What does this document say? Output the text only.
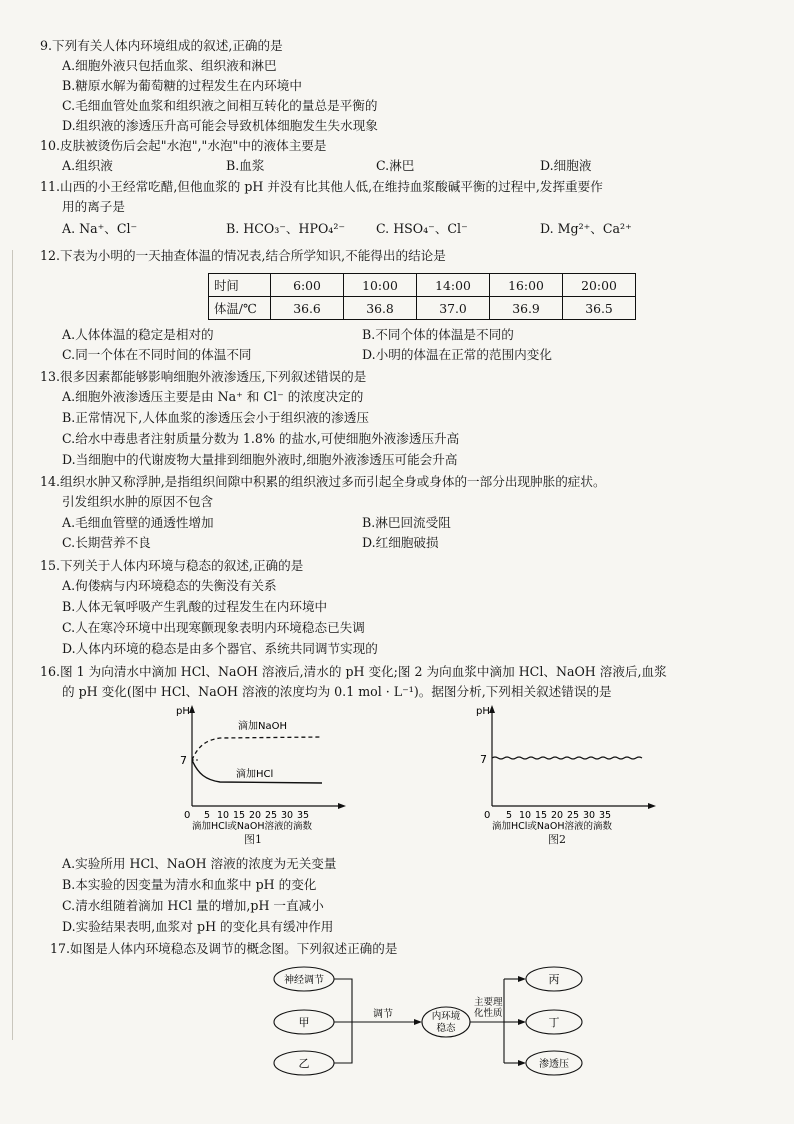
9.下列有关人体内环境组成的叙述,正确的是
A.细胞外液只包括血浆、组织液和淋巴
B.糖原水解为葡萄糖的过程发生在内环境中
C.毛细血管处血浆和组织液之间相互转化的量总是平衡的
D.组织液的渗透压升高可能会导致机体细胞发生失水现象
10.皮肤被烫伤后会起"水泡","水泡"中的液体主要是
A.组织液	B.血浆	C.淋巴	D.细胞液
11.山西的小王经常吃醋,但他血浆的 pH 并没有比其他人低,在维持血浆酸碱平衡的过程中,发挥重要作
用的离子是
A. Na⁺、Cl⁻	B. HCO₃⁻、HPO₄²⁻ C. HSO₄⁻、Cl⁻	D. Mg²⁺、Ca²⁺
12.下表为小明的一天抽查体温的情况表,结合所学知识,不能得出的结论是
时间	6:00	10:00	14:00	16:00	20:00
体温/℃	36.6	36.8	37.0	36.9	36.5
A.人体体温的稳定是相对的	B.不同个体的体温是不同的
C.同一个体在不同时间的体温不同	D.小明的体温在正常的范围内变化
13.很多因素都能够影响细胞外液渗透压,下列叙述错误的是
A.细胞外液渗透压主要是由 Na⁺ 和 Cl⁻ 的浓度决定的
B.正常情况下,人体血浆的渗透压会小于组织液的渗透压
C.给水中毒患者注射质量分数为 1.8% 的盐水,可使细胞外液渗透压升高
D.当细胞中的代谢废物大量排到细胞外液时,细胞外液渗透压可能会升高
14.组织水肿又称浮肿,是指组织间隙中积累的组织液过多而引起全身或身体的一部分出现肿胀的症状。
引发组织水肿的原因不包含
A.毛细血管壁的通透性增加	B.淋巴回流受阻
C.长期营养不良	D.红细胞破损
15.下列关于人体内环境与稳态的叙述,正确的是
A.佝偻病与内环境稳态的失衡没有关系
B.人体无氧呼吸产生乳酸的过程发生在内环境中
C.人在寒冷环境中出现寒颤现象表明内环境稳态已失调
D.人体内环境的稳态是由多个器官、系统共同调节实现的
16.图 1 为向清水中滴加 HCl、NaOH 溶液后,清水的 pH 变化;图 2 为向血浆中滴加 HCl、NaOH 溶液后,血浆
的 pH 变化(图中 HCl、NaOH 溶液的浓度均为 0.1 mol · L⁻¹)。据图分析,下列相关叙述错误的是
pH
7
滴加NaOH
滴加HCl
0 5 10 15 20 25 30 35
滴加HCl或NaOH溶液的滴数
图1
pH
7
0 5 10 15 20 25 30 35
滴加HCl或NaOH溶液的滴数
图2
A.实验所用 HCl、NaOH 溶液的浓度为无关变量
B.本实验的因变量为清水和血浆中 pH 的变化
C.清水组随着滴加 HCl 量的增加,pH 一直减小
D.实验结果表明,血浆对 pH 的变化具有缓冲作用
17.如图是人体内环境稳态及调节的概念图。下列叙述正确的是
神经调节
甲
乙
调节	内环境
稳态
主要理
化性质
丙
丁
渗透压
